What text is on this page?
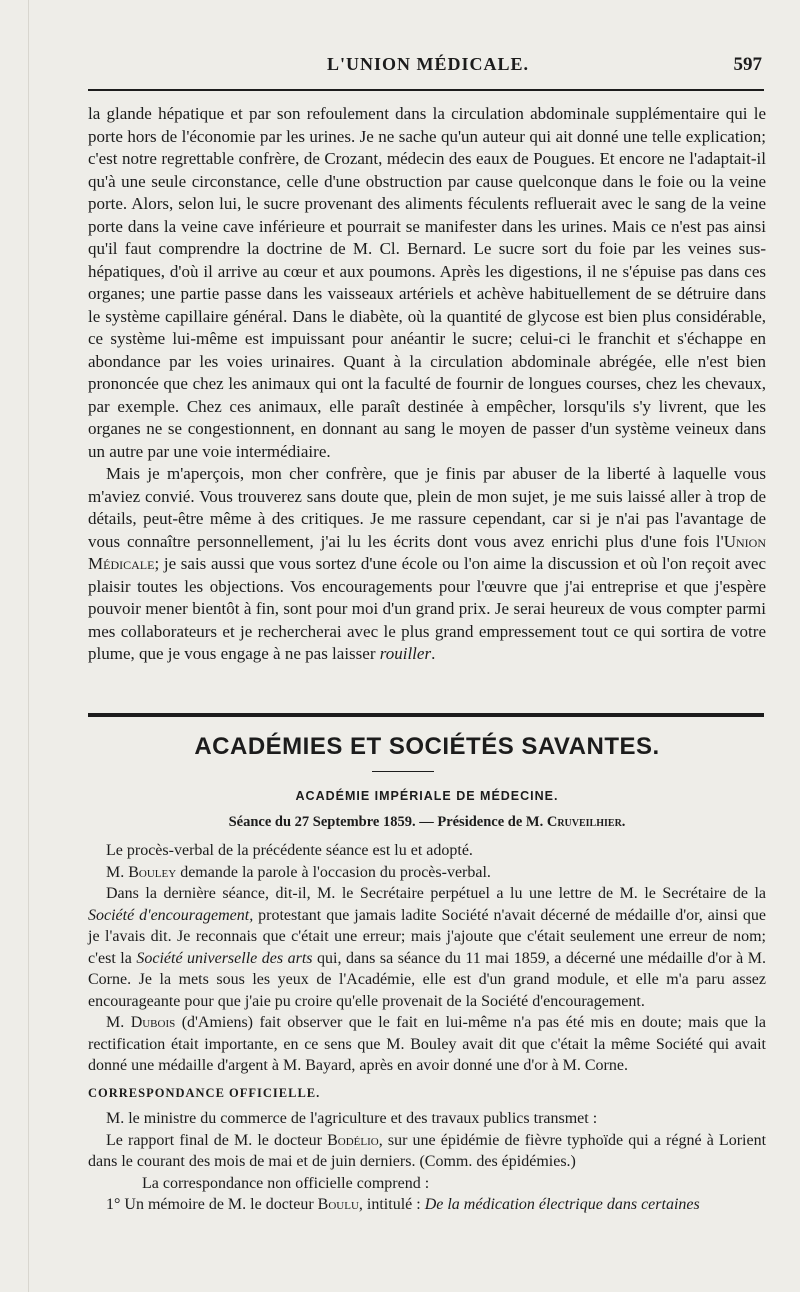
L'UNION MÉDICALE.	597

la glande hépatique et par son refoulement dans la circulation abdominale supplémentaire qui le porte hors de l'économie par les urines. Je ne sache qu'un auteur qui ait donné une telle explication; c'est notre regrettable confrère, de Crozant, médecin des eaux de Pougues. Et encore ne l'adaptait-il qu'à une seule circonstance, celle d'une obstruction par cause quelconque dans le foie ou la veine porte. Alors, selon lui, le sucre provenant des aliments féculents refluerait avec le sang de la veine porte dans la veine cave inférieure et pourrait se manifester dans les urines. Mais ce n'est pas ainsi qu'il faut comprendre la doctrine de M. Cl. Bernard. Le sucre sort du foie par les veines sus-hépatiques, d'où il arrive au cœur et aux poumons. Après les digestions, il ne s'épuise pas dans ces organes; une partie passe dans les vaisseaux artériels et achève habituellement de se détruire dans le système capillaire général. Dans le diabète, où la quantité de glycose est bien plus considérable, ce système lui-même est impuissant pour anéantir le sucre; celui-ci le franchit et s'échappe en abondance par les voies urinaires. Quant à la circulation abdominale abrégée, elle n'est bien prononcée que chez les animaux qui ont la faculté de fournir de longues courses, chez les chevaux, par exemple. Chez ces animaux, elle paraît destinée à empêcher, lorsqu'ils s'y livrent, que les organes ne se congestionnent, en donnant au sang le moyen de passer d'un système veineux dans un autre par une voie intermédiaire.

Mais je m'aperçois, mon cher confrère, que je finis par abuser de la liberté à laquelle vous m'aviez convié. Vous trouverez sans doute que, plein de mon sujet, je me suis laissé aller à trop de détails, peut-être même à des critiques. Je me rassure cependant, car si je n'ai pas l'avantage de vous connaître personnellement, j'ai lu les écrits dont vous avez enrichi plus d'une fois l'Union Médicale; je sais aussi que vous sortez d'une école ou l'on aime la discussion et où l'on reçoit avec plaisir toutes les objections. Vos encouragements pour l'œuvre que j'ai entreprise et que j'espère pouvoir mener bientôt à fin, sont pour moi d'un grand prix. Je serai heureux de vous compter parmi mes collaborateurs et je rechercherai avec le plus grand empressement tout ce qui sortira de votre plume, que je vous engage à ne pas laisser rouiller.

ACADÉMIES ET SOCIÉTÉS SAVANTES.
ACADÉMIE IMPÉRIALE DE MÉDECINE.
Séance du 27 Septembre 1859. — Présidence de M. Cruveilhier.

Le procès-verbal de la précédente séance est lu et adopté.

M. Bouley demande la parole à l'occasion du procès-verbal.

Dans la dernière séance, dit-il, M. le Secrétaire perpétuel a lu une lettre de M. le Secrétaire de la Société d'encouragement, protestant que jamais ladite Société n'avait décerné de médaille d'or, ainsi que je l'avais dit. Je reconnais que c'était une erreur; mais j'ajoute que c'était seulement une erreur de nom; c'est la Société universelle des arts qui, dans sa séance du 11 mai 1859, a décerné une médaille d'or à M. Corne. Je la mets sous les yeux de l'Académie, elle est d'un grand module, et elle m'a paru assez encourageante pour que j'aie pu croire qu'elle provenait de la Société d'encouragement.

M. Dubois (d'Amiens) fait observer que le fait en lui-même n'a pas été mis en doute; mais que la rectification était importante, en ce sens que M. Bouley avait dit que c'était la même Société qui avait donné une médaille d'argent à M. Bayard, après en avoir donné une d'or à M. Corne.

CORRESPONDANCE OFFICIELLE.

M. le ministre du commerce de l'agriculture et des travaux publics transmet :

Le rapport final de M. le docteur Bodélio, sur une épidémie de fièvre typhoïde qui a régné à Lorient dans le courant des mois de mai et de juin derniers. (Comm. des épidémies.)

La correspondance non officielle comprend :

1° Un mémoire de M. le docteur Boulu, intitulé : De la médication électrique dans certaines
